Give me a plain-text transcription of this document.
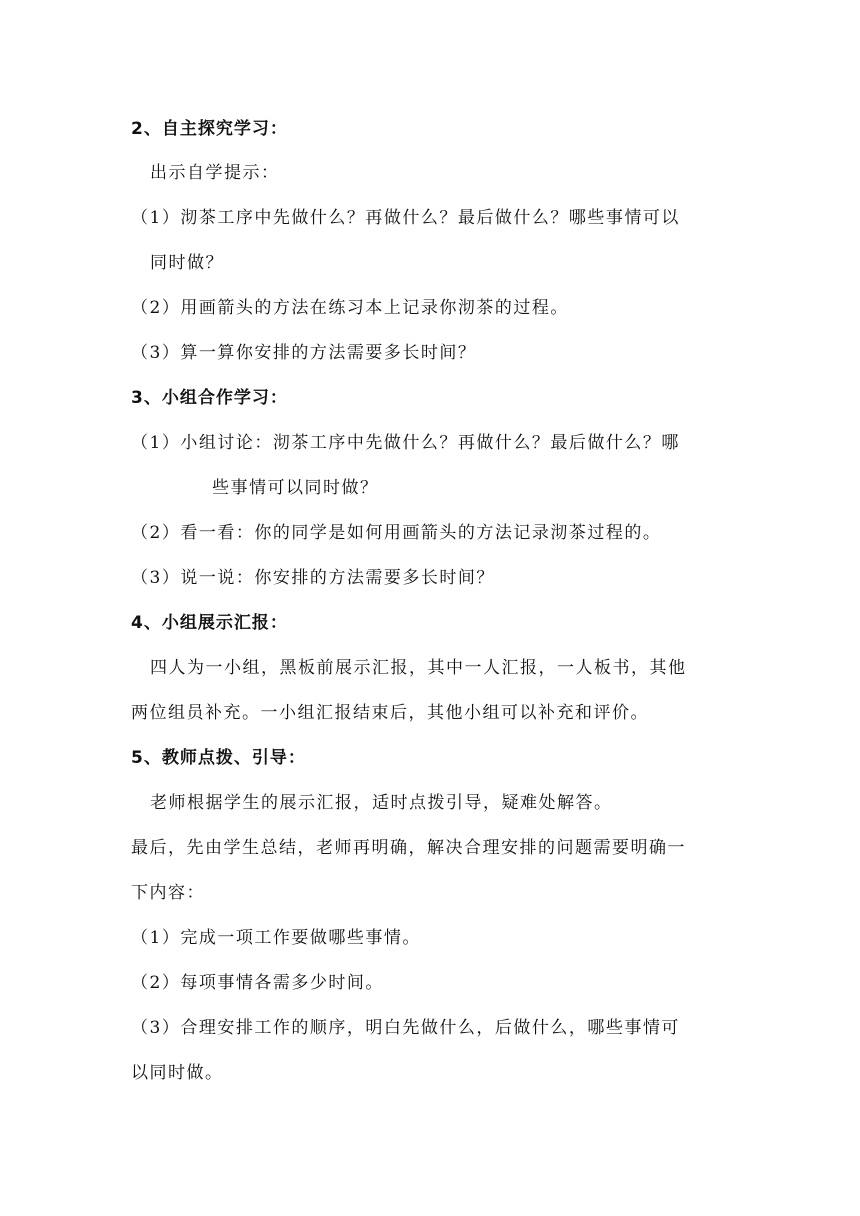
2、自主探究学习：
出示自学提示：
（1）沏茶工序中先做什么？再做什么？最后做什么？哪些事情可以
同时做？
（2）用画箭头的方法在练习本上记录你沏茶的过程。
（3）算一算你安排的方法需要多长时间？
3、小组合作学习：
（1）小组讨论：沏茶工序中先做什么？再做什么？最后做什么？哪
些事情可以同时做？
（2）看一看：你的同学是如何用画箭头的方法记录沏茶过程的。
（3）说一说：你安排的方法需要多长时间？
4、小组展示汇报：
四人为一小组，黑板前展示汇报，其中一人汇报，一人板书，其他
两位组员补充。一小组汇报结束后，其他小组可以补充和评价。
5、教师点拨、引导：
老师根据学生的展示汇报，适时点拨引导，疑难处解答。
最后，先由学生总结，老师再明确，解决合理安排的问题需要明确一
下内容：
（1）完成一项工作要做哪些事情。
（2）每项事情各需多少时间。
（3）合理安排工作的顺序，明白先做什么，后做什么，哪些事情可
以同时做。
